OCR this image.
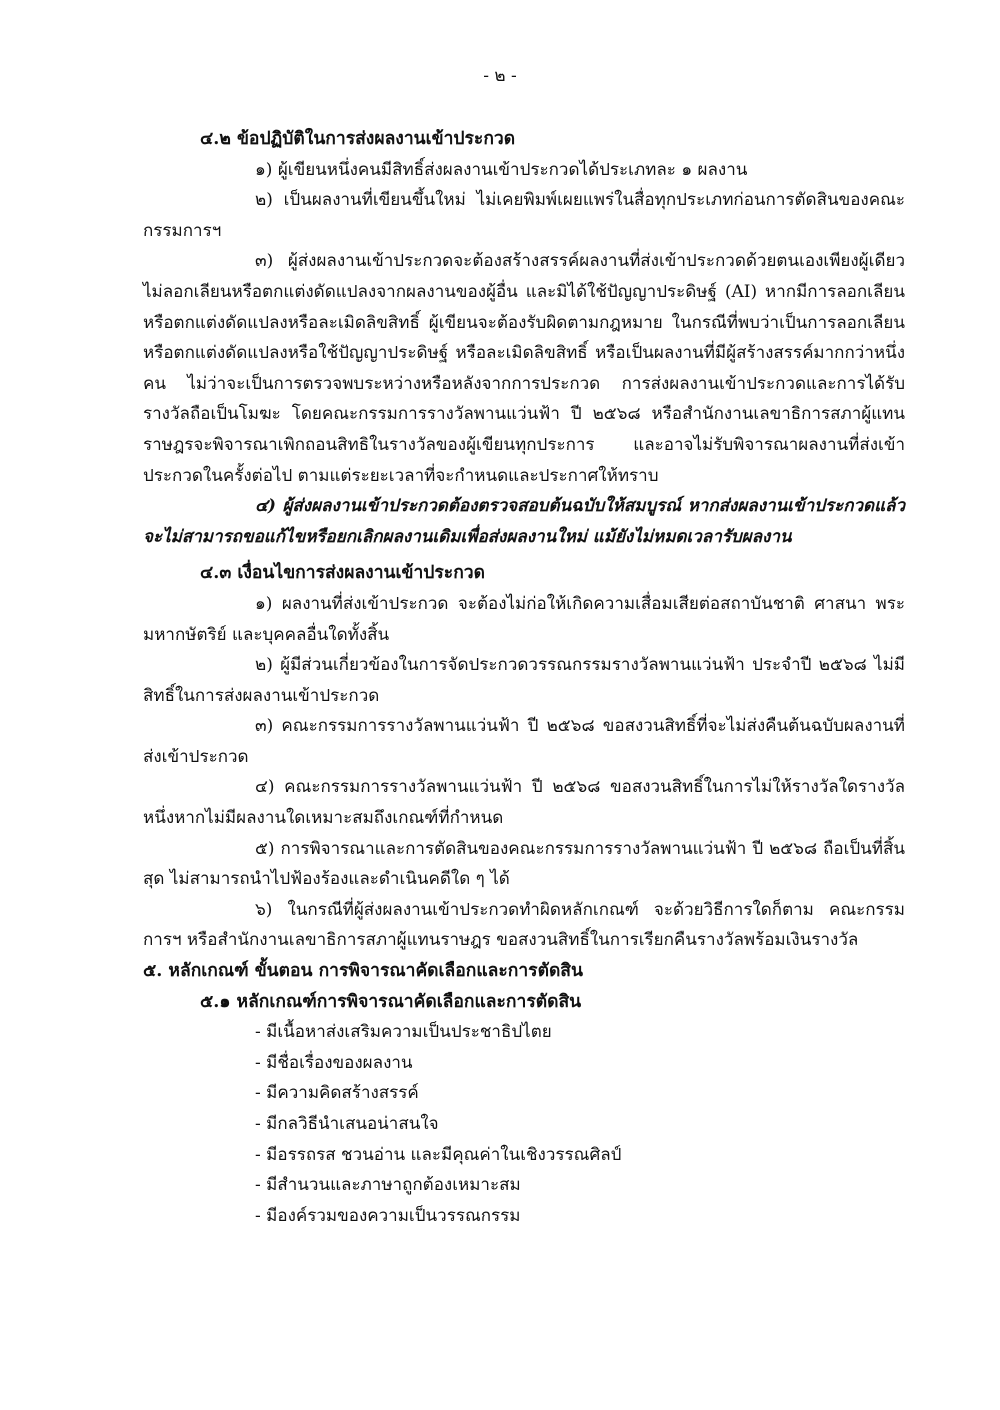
- ๒ -

๔.๒ ข้อปฏิบัติในการส่งผลงานเข้าประกวด

๑) ผู้เขียนหนึ่งคนมีสิทธิ์ส่งผลงานเข้าประกวดได้ประเภทละ ๑ ผลงาน

๒) เป็นผลงานที่เขียนขึ้นใหม่ ไม่เคยพิมพ์เผยแพร่ในสื่อทุกประเภทก่อนการตัดสินของคณะกรรมการฯ

๓) ผู้ส่งผลงานเข้าประกวดจะต้องสร้างสรรค์ผลงานที่ส่งเข้าประกวดด้วยตนเองเพียงผู้เดียว ไม่ลอกเลียนหรือตกแต่งดัดแปลงจากผลงานของผู้อื่น และมิได้ใช้ปัญญาประดิษฐ์ (AI) หากมีการลอกเลียนหรือตกแต่งดัดแปลงหรือละเมิดลิขสิทธิ์ ผู้เขียนจะต้องรับผิดตามกฎหมาย ในกรณีที่พบว่าเป็นการลอกเลียนหรือตกแต่งดัดแปลงหรือใช้ปัญญาประดิษฐ์ หรือละเมิดลิขสิทธิ์ หรือเป็นผลงานที่มีผู้สร้างสรรค์มากกว่าหนึ่งคน ไม่ว่าจะเป็นการตรวจพบระหว่างหรือหลังจากการประกวด การส่งผลงานเข้าประกวดและการได้รับรางวัลถือเป็นโมฆะ โดยคณะกรรมการรางวัลพานแว่นฟ้า ปี ๒๕๖๘ หรือสำนักงานเลขาธิการสภาผู้แทนราษฎรจะพิจารณาเพิกถอนสิทธิในรางวัลของผู้เขียนทุกประการ และอาจไม่รับพิจารณาผลงานที่ส่งเข้าประกวดในครั้งต่อไป ตามแต่ระยะเวลาที่จะกำหนดและประกาศให้ทราบ

๔) ผู้ส่งผลงานเข้าประกวดต้องตรวจสอบต้นฉบับให้สมบูรณ์ หากส่งผลงานเข้าประกวดแล้วจะไม่สามารถขอแก้ไขหรือยกเลิกผลงานเดิมเพื่อส่งผลงานใหม่ แม้ยังไม่หมดเวลารับผลงาน

๔.๓ เงื่อนไขการส่งผลงานเข้าประกวด

๑) ผลงานที่ส่งเข้าประกวด จะต้องไม่ก่อให้เกิดความเสื่อมเสียต่อสถาบันชาติ ศาสนา พระมหากษัตริย์ และบุคคลอื่นใดทั้งสิ้น

๒) ผู้มีส่วนเกี่ยวข้องในการจัดประกวดวรรณกรรมรางวัลพานแว่นฟ้า ประจำปี ๒๕๖๘ ไม่มีสิทธิ์ในการส่งผลงานเข้าประกวด

๓) คณะกรรมการรางวัลพานแว่นฟ้า ปี ๒๕๖๘ ขอสงวนสิทธิ์ที่จะไม่ส่งคืนต้นฉบับผลงานที่ส่งเข้าประกวด

๔) คณะกรรมการรางวัลพานแว่นฟ้า ปี ๒๕๖๘ ขอสงวนสิทธิ์ในการไม่ให้รางวัลใดรางวัลหนึ่งหากไม่มีผลงานใดเหมาะสมถึงเกณฑ์ที่กำหนด

๕) การพิจารณาและการตัดสินของคณะกรรมการรางวัลพานแว่นฟ้า ปี ๒๕๖๘ ถือเป็นที่สิ้นสุด ไม่สามารถนำไปฟ้องร้องและดำเนินคดีใด ๆ ได้

๖) ในกรณีที่ผู้ส่งผลงานเข้าประกวดทำผิดหลักเกณฑ์ จะด้วยวิธีการใดก็ตาม คณะกรรมการฯ หรือสำนักงานเลขาธิการสภาผู้แทนราษฎร ขอสงวนสิทธิ์ในการเรียกคืนรางวัลพร้อมเงินรางวัล

๕. หลักเกณฑ์ ขั้นตอน การพิจารณาคัดเลือกและการตัดสิน

๕.๑ หลักเกณฑ์การพิจารณาคัดเลือกและการตัดสิน

- มีเนื้อหาส่งเสริมความเป็นประชาธิปไตย
- มีชื่อเรื่องของผลงาน
- มีความคิดสร้างสรรค์
- มีกลวิธีนำเสนอน่าสนใจ
- มีอรรถรส ชวนอ่าน และมีคุณค่าในเชิงวรรณศิลป์
- มีสำนวนและภาษาถูกต้องเหมาะสม
- มีองค์รวมของความเป็นวรรณกรรม
